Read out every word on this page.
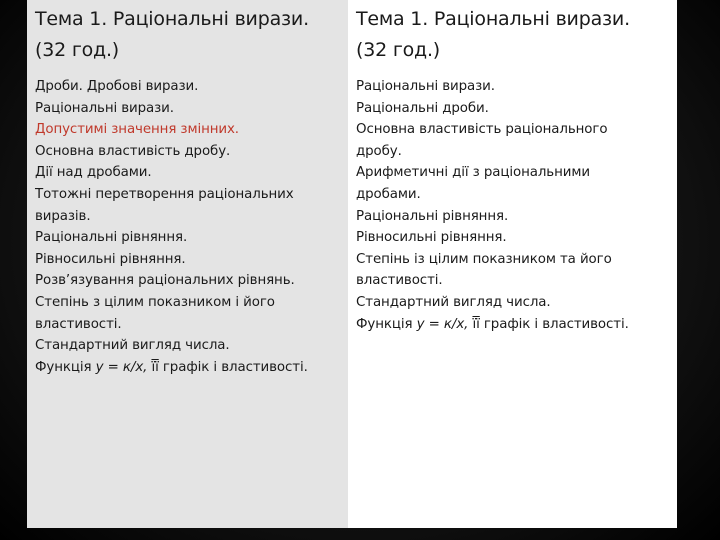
Тема 1. Раціональні вирази.
(32 год.)
Дроби. Дробові вирази.
Раціональні вирази.
Допустимі значення змінних.
Основна властивість дробу.
Дії над дробами.
Тотожні перетворення раціональних
виразів.
Раціональні рівняння.
Рівносильні рівняння.
Розв’язування раціональних рівнянь.
Степінь з цілим показником і його
властивості.
Стандартний вигляд числа.
Функція y = к/х, її графік і властивості.
Тема 1. Раціональні вирази.
(32 год.)
Раціональні вирази.
Раціональні дроби.
Основна властивість раціонального
дробу.
Арифметичні дії з раціональними
дробами.
Раціональні рівняння.
Рівносильні рівняння.
Степінь із цілим показником та його
властивості.
Стандартний вигляд числа.
Функція y = к/х, її графік і властивості.
